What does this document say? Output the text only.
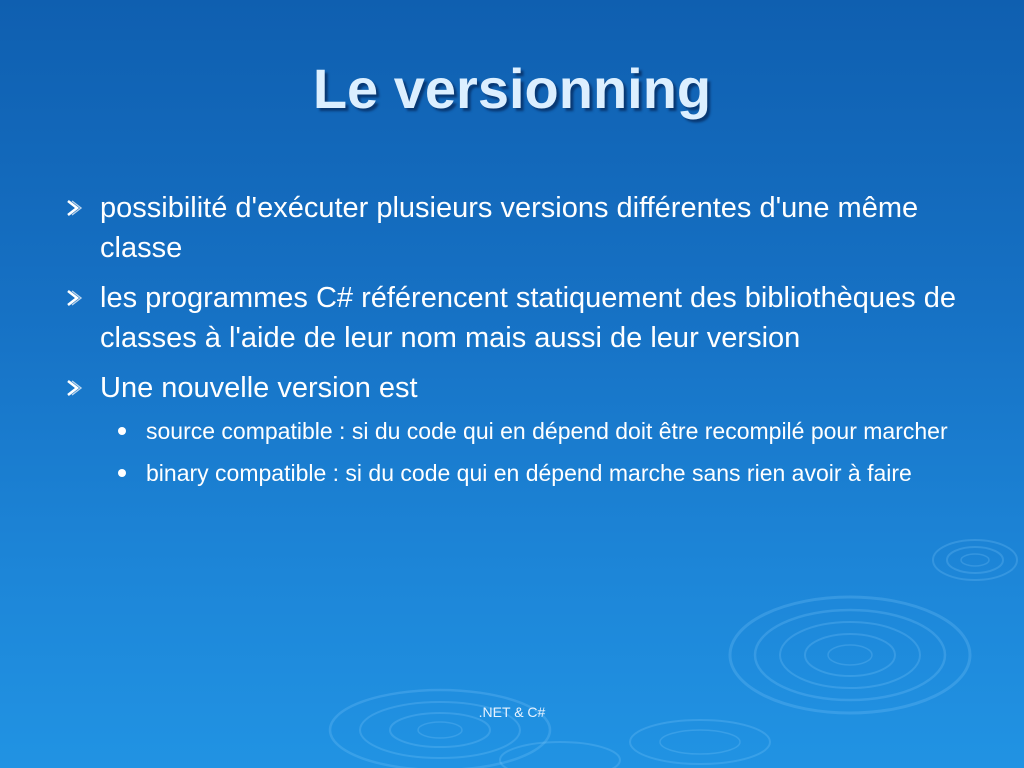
Le versionning
possibilité d'exécuter plusieurs versions différentes d'une même classe
les programmes C# référencent statiquement des bibliothèques de classes à l'aide de leur nom mais aussi de leur version
Une nouvelle version est
source compatible : si du code qui en dépend doit être recompilé pour marcher
binary compatible : si du code qui en dépend marche sans rien avoir à faire
.NET & C#
